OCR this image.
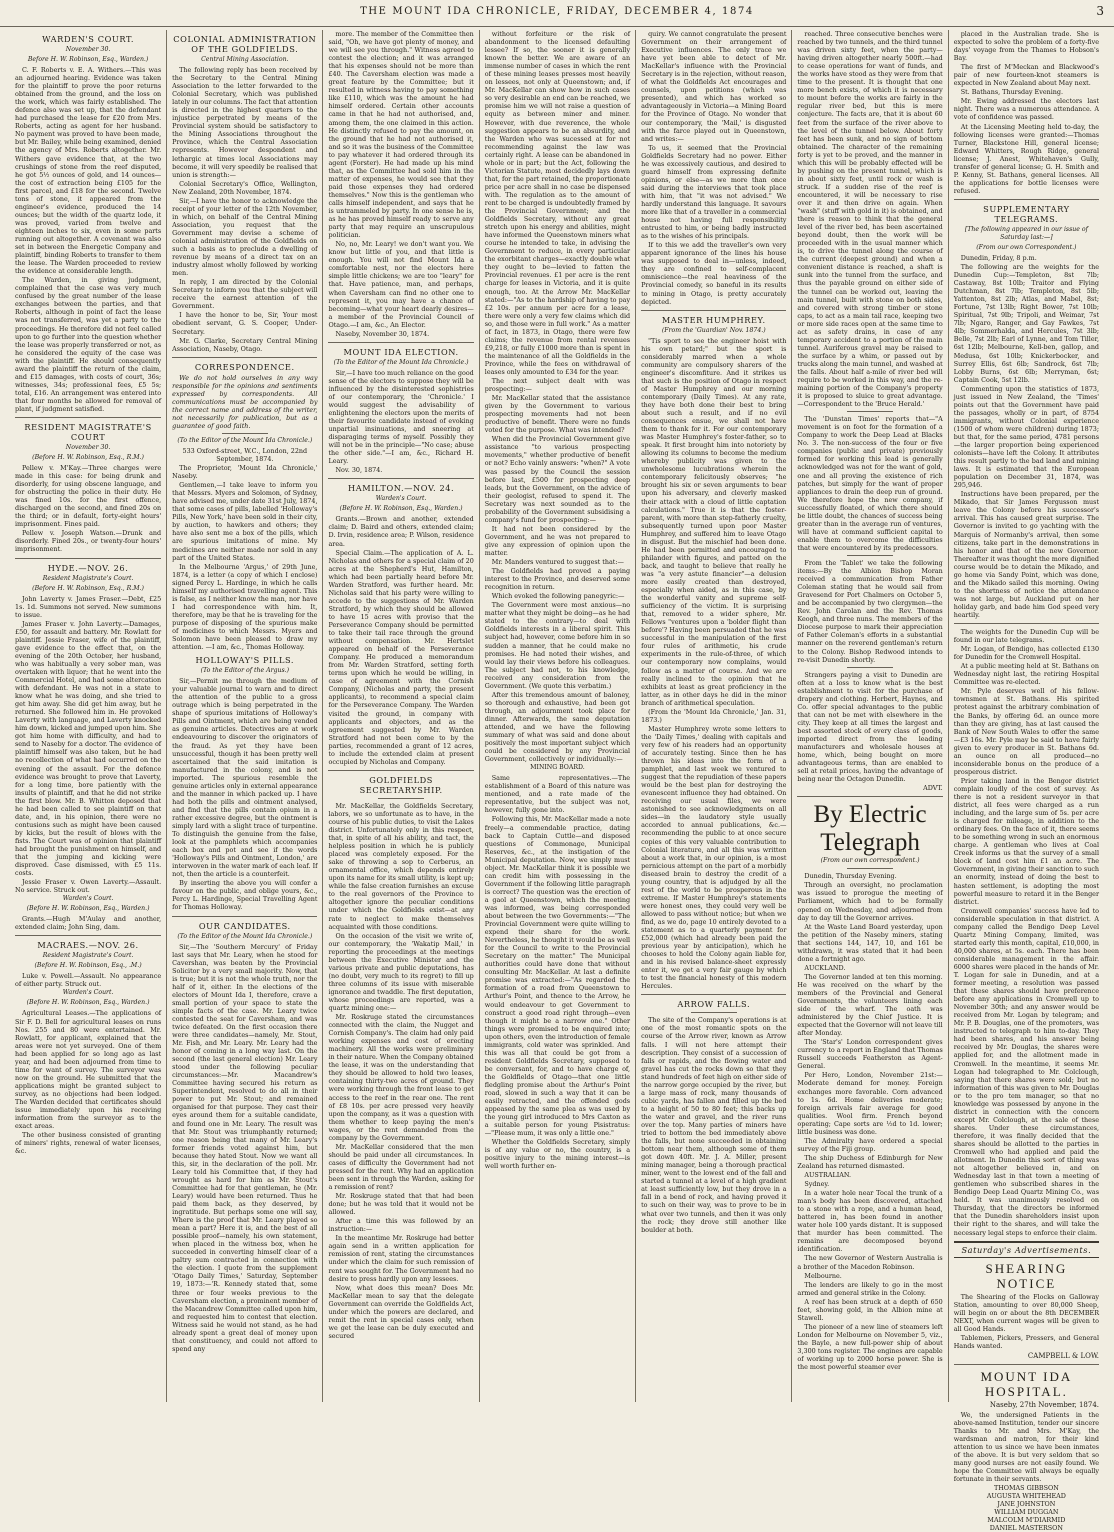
THE MOUNT IDA CHRONICLE, FRIDAY, DECEMBER 4, 1874	3
WARDEN'S COURT.
November 30.
Before H. W. Robinson, Esq., Warden.)

C. F. Roberts v. E. A. Withers.—This was an adjourned hearing. Evidence was taken for the plaintiff to prove the poor returns obtained from the ground, and the loss on the work, which was fairly established. The defence also was set up, that the defendant had purchased the lease for £20 from Mrs. Roberts, acting as agent for her husband. No payment was proved to have been made, but Mr. Bailey, while being examined, denied the agency of Mrs. Roberts altogether. Mr. Withers gave evidence that, at the two crushings of stone from the reef disputed, he got 5½ ounces of gold, and 14 ounces—the cost of extraction being £105 for the first parcel, and £18 for the second. Twelve tons of stone, it appeared from the engineer's evidence, produced the 14 ounces; but the width of the quartz lode, it was proved, varied from twelve and eighteen inches to six, even in some parts running out altogether. A covenant was also set in between the Energetic Company and plaintiff, binding Roberts to transfer to them the lease. The Warden proceeded to review the evidence at considerable length.

The Warden, in giving judgment, complained that the case was very much confused by the great number of the lease exchanges between the parties, and that Roberts, although in point of fact the lease was not transferred, was yet a party to the proceedings. He therefore did not feel called upon to go further into the question whether the lease was properly transferred or not, as he considered the equity of the case was with the plaintiff. He should consequently award the plaintiff the return of the claim, and £15 damages, with costs of court, 36s; witnesses, 34s; professional fees, £5 5s; total, £16. An arrangement was entered into that four months be allowed for removal of plant, if judgment satisfied.

RESIDENT MAGISTRATE'S COURT
November 30.
(Before H. W. Robinson, Esq., R.M.)

Pellew v. M'Kay.—Three charges were made in this case: for being drunk and disorderly, for using obscene language, and for obstructing the police in their duty. He was fined 10s. for the first offence, discharged on the second, and fined 20s on the third; or in default, forty-eight hours' imprisonment. Fines paid.

Pellew v. Joseph Watson.—Drunk and disorderly. Fined 20s., or twenty-four hours' imprisonment.

HYDE.—NOV. 26.
Resident Magistrate's Court.
(Before H. W. Robinson, Esq., R.M.)

John Laverty v. James Fraser.—Debt, £25 1s. 1d. Summons not served. New summons to issue.

James Fraser v. John Laverty.—Damages, £50, for assault and battery. Mr. Rowlatt for plaintiff. Jessie Fraser, wife of the plaintiff, gave evidence to the effect that, on the evening of the 20th October, her husband, who was habitually a very sober man, was overtaken with liquor; that he went into the Commercial Hotel, and had some altercation with defendant. He was not in a state to know what he was doing, and she tried to get him away. She did get him away, but he returned. She followed him in. He provoked Laverty with language, and Laverty knocked him down, kicked and jumped upon him. She got him home with difficulty, and had to send to Naseby for a doctor. The evidence of plaintiff himself was also taken, but he had no recollection of what had occurred on the evening of the assault. For the defence evidence was brought to prove that Laverty, for a long time, bore patiently with the insults of plaintiff, and that he did not strike the first blow. Mr. B. Whitton deposed that he had been called to see plaintiff on that date, and, in his opinion, there were no contusions such as might have been caused by kicks, but the result of blows with the fists. The Court was of opinion that plaintiff had brought the punishment on himself, and that the jumping and kicking were disproved. Case dismissed, with £5 11s. costs.

Jessie Fraser v. Owen Laverty.—Assault. No service. Struck out.

Warden's Court.
(Before H. W. Robinson, Esq., Warden.)

Grants.—Hugh M'Aulay and another, extended claim; John Sing, dam.

MACRAES.—NOV. 26.
Resident Magistrate's Court.
(Before H. W. Robinson, Esq., .M.)

Luke v. Powell.—Assault. No appearance of either party. Struck out.

Warden's Court.
(Before H. W. Robinson, Esq., Warden.)

Agricultural Leases.—The applications of Sir F. D. Bell for agricultural leases on runs Nos. 255 and 80 were entertained. Mr. Rowlatt, for applicant, explained that the areas were not yet surveyed. One of them had been applied for so long ago as last year, and had been adjourned from time to time for want of survey. The surveyor was now on the ground. He submitted that the applications might be granted subject to survey, as no objections had been lodged. The Warden decided that certificates should issue immediately upon his receiving information from the surveyor as to the exact areas.

The other business consisted of granting of miners' rights, renewal of water licenses, &c.

COLONIAL ADMINISTRATION OF THE GOLDFIELDS.
Central Mining Association.

The following reply has been received by the Secretary to the Central Mining Association to the letter forwarded to the Colonial Secretary, which was published lately in our columns. The fact that attention is directed in the highest quarters to the injustice perpetrated by means of the Provincial system should be satisfactory to the Mining Associations throughout the Province, which the Central Association represents. However despondent and lethargic at times local Associations may become, it will very speedily be realised that union is strength:—

Colonial Secretary's Office, Wellington, New Zealand, 20th November, 1874.

Sir,—I have the honor to acknowledge the receipt of your letter of the 12th November, in which, on behalf of the Central Mining Association, you request that the Government may devise a scheme of colonial administration of the Goldfields on such a basis as to preclude a dwelling of revenue by means of a direct tax on an industry almost wholly followed by working men.

In reply, I am directed by the Colonial Secretary to inform you that the subject will receive the earnest attention of the Government.

I have the honor to be, Sir, Your most obedient servant, G. S. Cooper, Under-Secretary.

Mr. G. Clarke, Secretary Central Mining Association, Naseby, Otago.

CORRESPONDENCE.

We do not hold ourselves in any way responsible for the opinions and sentiments expressed by correspondents. All communications must be accompanied by the correct name and address of the writer, not necessarily for publication, but as a guarantee of good faith.

(To the Editor of the Mount Ida Chronicle.)

533 Oxford-street, W.C., London, 22nd September, 1874.

The Proprietor, 'Mount Ida Chronicle,' Naseby.

Gentlemen,—I take leave to inform you that Messrs. Myers and Solomon, of Sydney, have advised me, under date 31st July, 1874, that some cases of pills, labelled 'Holloway's Pills, New York,' have been sold in their city, by auction, to hawkers and others; they have also sent me a box of the pills, which are spurious imitations of mine. My medicines are neither made nor sold in any part of the United States.

In the Melbourne 'Argus,' of 29th June, 1874, is a letter (a copy of which I enclose) signed Percy L. Hardinge, in which he calls himself my authorised travelling agent. This is false, as I neither know the man, nor have I had correspondence with him. It, therefore, may be that he is traveling for the purpose of disposing of the spurious make of medicines to which Messrs. Myers and Solomon have been pleased to draw my attention. —I am, &c., Thomas Holloway.

HOLLOWAY'S PILLS.
(To the Editor of the Argus.)

Sir,—Permit me through the medium of your valuable journal to warn and to direct the attention of the public to a gross outrage which is being perpetrated in the shape of spurious imitations of Holloway's Pills and Ointment, which are being vended as genuine articles. Detectives are at work endeavouring to discover the originators of the fraud. As yet they have been unsuccessful, though it has been pretty well ascertained that the said imitation is manufactured in the colony, and is not imported. The spurious resemble the genuine articles only in external appearance and the manner in which packed up. I have had both the pills and ointment analysed, and find that the pills contain opium in a rather excessive degree, but the ointment is simply lard with a slight trace of turpentine. To distinguish the genuine from the false, look at the pamphlets which accompanies each box and pot and see if the words 'Holloway's Pills and Ointment, London,' are interwoven in the water mark of each leaf. If not, then the article is a counterfeit.

By inserting the above you will confer a favour on the public, and oblige yours, &c., Percy L. Hardinge, Special Travelling Agent for Thomas Holloway.

OUR CANDIDATES.
(To the Editor of the Mount Ida Chronicle.)

Sir,—The 'Southern Mercury' of Friday last says that Mr. Leary, when he stood for Cavershan, was beaten by the Provincial Solicitor by a very small majority. Now, that is true; but it is not the whole truth, nor the half of it, either. In the elections of the electors of Mount Ida I, therefore, crave a small portion of your space to state the simple facts of the case. Mr. Leary twice contested the seat for Caversham, and was twice defeated. On the first occasion there were three candidates—namely, Mr. Stout, Mr. Fish, and Mr. Leary. Mr. Leary had the honor of coming in a long way last. On the second (the last general election) Mr. Leary stood under the following peculiar circumstances:—Mr. Macandrew's Committee having secured his return as Superintendent, resolved to do all in their power to put Mr. Stout; and remained organised for that purpose. They cast their eyes around them for a suitable candidate, and found one in Mr. Leary. The result was that Mr. Stout was triumphantly returned; one reason being that many of Mr. Leary's former friends voted against him, but because they hated Stout. Now we want all this, sir, in the declaration of the poll. Mr. Leary told his Committee that, if they had wrought as hard for him as Mr. Stout's Committee had for that gentleman, he (Mr. Leary) would have been returned. Thus he paid them back, as they deserved, by ingratitude. But perhaps some one will say, Where is the proof that Mr. Leary played so mean a part? Here it is, and the best of all possible proof—namely, his own statement, when placed in the witness box, when he succeeded in converting himself clear of a paltry sum contracted in connection with the election. I quote from the supplement 'Otago Daily Times,' Saturday, September 19, 1873:—'R. Kennedy stated that, some three or four weeks previous to the Caversham election, a prominent member of the Macandrew Committee called upon him, and requested him to contest that election. Witness said he would not stand, as he had already spent a great deal of money upon that constituency, and could not afford to spend any

more. The member of the Committee then said, "Oh, we have got plenty of money, and we will see you through." Witness agreed to contest the election; and it was arranged that his expenses should not be more than £40. The Caversham election was made a great feature by the Committee; but it resulted in witness having to pay something like £110, which was the amount he had himself ordered. Certain other accounts came in that he had not authorised, and, among them, the one claimed in this action. He distinctly refused to pay the amount, on the ground that he had not authorised it, and so it was the business of the Committee to pay whatever it had ordered through its agent (Forster). He had made up his mind that, as the Committee had sold him in the matter of expenses, he would see that they paid those expenses they had ordered themselves." Now this is the gentleman who calls himself independent, and says that he is untrammeled by party. In one sense he is, as he has proved himself ready to serve any party that may require an unscrupulous politician.

No, no, Mr. Leary! we don't want you. We know but little of you, and that little is enough. You will not find Mount Ida a comfortable nest, nor the electors here simple little chickens; we are too "leary" for that. Have patience, man, and perhaps, when Caversham can find no other one to represent it, you may have a chance of becoming—what your heart dearly desires—a member of the Provincial Council of Otago.—I am, &c., An Elector.

Naseby, November 30, 1874.

MOUNT IDA ELECTION.
(To the Editor of the Mount Ida Chronicle.)

Sir,—I have too much reliance on the good sense of the electors to suppose they will be influenced by the disinterested sophistries of our contemporary, the 'Chronicle.' I would suggest the advisability of enlightening the electors upon the merits of their favourite candidate instead of evoking unpartial insinuations, and sneering at disparaging terms of myself. Possibly they will not be in the principle—"No case; abuse the other side."—I am, &c., Richard H. Leary.

Nov. 30, 1874.

HAMILTON.—NOV. 24.
Warden's Court.
(Before H. W. Robinson, Esq., Warden.)

Grants.—Brown and another, extended claim; D. Baird and others, extended claim; D. Irvin, residence area; P. Wilson, residence area.

Special Claim.—The application of A. L. Nicholas and others for a special claim of 20 acres at the Shepherd's Hut, Hamilton, which had been partially heard before Mr. Warden Stratford, was further heard. Mr. Nicholas said that his party were willing to accede to the suggestions of Mr. Warden Stratford, by which they should be allowed to have 15 acres with proviso that the Perseverance Company should be permitted to take their tail race through the ground without compensation. Mr. Hertslet appeared on behalf of the Perseverance Company. He produced a memorandum from Mr. Warden Stratford, setting forth terms upon which he would be willing, in case of agreement with the Cornish Company, (Nicholas and party, the present applicants), to recommend a special claim for the Perseverance Company. The Warden visited the ground, in company with applicants and objectors, and as the agreement suggested by Mr. Warden Stratford had not been come to by the parties, recommended a grant of 12 acres, to include the extended claim at present occupied by Nicholas and Company.

GOLDFIELDS SECRETARYSHIP.

Mr. MacKellar, the Goldfields Secretary, labors, we so unfortunate as to have, in the course of his public duties, to visit the Lakes district. Unfortunately only in this respect, that, in spite of all his ability, and tact, the helpless position in which he is publicly placed was completely exposed. For the sake of throwing a sop to Cerberus, an ornamental office, which depends entirely upon its name for its small utility, is kept up; while the false creation furnishes an excuse to the real governors of the Province to altogether ignore the peculiar conditions under which the Goldfields exist—at any rate to neglect to make themselves acquainted with those conditions.

On the occasion of the visit we write of, our contemporary, the 'Wakatip Mail,' in reporting the proceedings at the meetings between the Executive Minister and the various private and public deputations, has (no doubt, very much to its regret) to fill up three columns of its issue with miserable ignorance and twaddle. The first deputation, whose proceedings are reported, was a quartz mining one:—

Mr. Roskruge stated the circumstances connected with the claim, the Nugget and Cornish Company's. The claim had only paid working expenses and cost of erecting machinery. All the works were preliminary in their nature. When the Company obtained the lease, it was on the understanding that they should be allowed to hold two leases, containing thirty-two acres of ground. They were working through the front lease to get access to the reef in the rear one. The rent of £8 10s. per acre pressed very heavily upon the company, as it was a question with them whether to keep paying the men's wages, or the rent demanded from the company by the Government.

Mr. MacKellar considered that the men should be paid under all circumstances. In cases of difficulty the Government had not pressed for the rent. Why had an application been sent in through the Warden, asking for a remission of rent?

Mr. Roskruge stated that that had been done; but he was told that it would not be allowed.

After a time this was followed by an instruction:—

In the meantime Mr. Roskruge had better again send in a written application for remission of rent, stating the circumstances under which the claim for such remission of rent was sought for. The Government had no desire to press hardly upon any lessees.

Now, what does this mean? Does Mr. MacKellar mean to say that the delegate Government can override the Goldfields Act, under which the powers are declared, and remit the rent in special cases only, when we get the lease can be duly executed and secured

without forfeiture or the risk of abandonment to the licensed defaulting lessee? If so, the sooner it is generally known the better. We are aware of an immense number of cases in which the rent of these mining leases presses most heavily on lessees, not only at Queenstown; and, if Mr. MacKellar can show how in such cases so very desirable an end can be reached, we promise him we will not raise a question of equity as between miner and miner. However, with due reverence, the whole suggestion appears to be an absurdity, and the Warden who was sucessed at for not recommending against the law was certainly right. A lease can be abandoned in whole or in part; but the Act, following the Victorian Statute, most decidedly lays down that, for the part retained, the proportionate price per acre shall in no case be dispensed with. The regulation as to the amount of rent to be charged is undoubtedly framed by the Provincial Government; and the Goldfields Secretary, without any great stretch upon his energy and abilities, might have informed the Queenstown miners what course he intended to take, in advising the Government to reduce, in every particular the exorbitant charges—exactly double what they ought to be—levied to fatten the Provincial revenues. £1 per acre is the rent charge for leases in Victoria, and it is quite enough, too. At the Arrow Mr. MacKellar stated:—"As to the hardship of having to pay £2 10s. per annum per acre for a lease, there were only a very few claims which did so, and those were in full work." As a matter of fact, in 1873, in Otago, there were few claims; the revenue from rental revenues £9,218, or fully £1000 more than is spent in the maintenance of all the Goldfields in the Province, while the fees on withdrawal of leases only amounted to £34 for the year.

The next subject dealt with was prospecting:—

Mr. MacKellar stated that the assistance given by the Government to various prospecting movements had not been productive of benefit. There were no funds voted for the purpose. What was intended?

When did the Provincial Government give assistance "to various prospecting movements," whether productive of benefit or not? Echo vainly answers: "when?" A vote was passed by the Council the session before last, £500 for prospecting deep leads, but the Government, on the advice of their geologist, refused to spend it. The Secretary was next sounded as to the probability of the Government subsidising a company's fund for prospecting:—

It had not been considered by the Government, and he was not prepared to give any expression of opinion upon the matter.

Mr. Manders ventured to suggest that:—

The Goldfields had proved a paying interest to the Province, and deserved some recognition in return.

Which evoked the following panegyric:—

The Government were most anxious—no matter what they might be doing—as he had stated to the contrary—to deal with Goldfields interests in a liberal spirit. This subject had, however, come before him in so sudden a manner, that he could make no promises. He had noted their wishes, and would lay their views before his colleagues. The subject had not, to his knowledge, received any consideration from the Government. (We quote this verbatim.)

After this tremendous amount of baloney, so thorough and exhaustive, had been got through, an adjournment took place for dinner. Afterwards, the same deputation attended, and we have the following summary of what was said and done about positively the most important subject which could be considered by any Provincial Government, collectively or individually:—

MINING BOARD.

Same representatives.—The establishment of a Board of this nature was mentioned, and a rate made of the representative, but the subject was not, however, fully gone into.

Following this, Mr. MacKellar made a note freely—a commendable practice, dating back to Captain Cuttle—and disposed questions of Commonage, Municipal Reserves, &c., at the instigation of the Municipal deputation. Now, we simply must object. Mr. MacKellar think it is possible we can credit him with possessing in the Government if the following little paragraph is correct? The question was the erection of a gaol at Queenstown, which the meeting was informed, was being corresponded about between the two Governments:—"The Provincial Government were quite willing to expend their share for the work. Nevertheless, he thought it would be as well for the Council to write to the Provincial Secretary on the matter." The Municipal authorities could have done that without consulting Mr. MacKellar. At last a definite promise was extracted:—"As regarded the formation of a road from Queenstown to Arthur's Point, and thence to the Arrow, he would endeavour to get Government to construct a good road right through—even though it might be a narrow one." Other things were promised to be enquired into; upon others, even the introduction of female immigrants, cold water was sprinkled. And this was all that could be got from a resident Goldfields Secretary, supposed to be conversant, for, and to have charge of, the Goldfields of Otago—that one little fledgling promise about the Arthur's Point road, slowed in such a way that it can be easily retracted, and the offended gods appeased by the same plea as was used by the young girl introduced to Mrs Caxton as a suitable person for young Pisistratus:—"Please mum, it was only a little one."

Whether the Goldfields Secretary, simply is of any value or no, the country, is a positive injury to the mining interest—is well worth further en-

quiry. We cannot congratulate the present Government on their arrangement of Executive influences. The only trace we have yet been able to detect of Mr. MacKellar's influence with the Provincial Secretary is in the rejection, without reason, of what the Goldfields Act encourages and counsels, upon petitions (which was presented), and which has worked so advantageously in Victoria—a Mining Board for the Province of Otago. No wonder that our contemporary, the 'Mail,' is disgusted with the farce played out in Queenstown, and writes:—

To us, it seemed that the Provincial Goldfields Secretary had no power. Either he was excessively cautious, and desired to guard himself from expressing definite opinions, or else—as we more than once said during the interviews that took place with him, that "it was not advised." We hardly understand this language. It savours more like that of a traveller in a commercial house not having full responsibility entrusted to him, or being badly instructed as to the wishes of his principals.

If to this we add the traveller's own very apparent ignorance of the lines his house was supposed to deal in—unless, indeed, they are confined to self-complacent omniscience—the real heaviness of the Provincial comedy, so baneful in its results to mining in Otago, is pretty accurately depicted.

MASTER HUMPHREY.
(From the 'Guardian' Nov. 1874.)

"Tis sport to see the engineer hoist with his own petard;" but the sport is considerably marred when a whole community are compulsory sharers of the engineer's discomfiture. And it strikes us that such is the position of Otago in respect of Master Humphrey and our morning contemporary (Daily Times). At any rate, they have both done their best to bring about such a result, and if no evil consequences ensue, we shall not have them to thank for it. For our contemporary was Master Humphrey's foster-father, so to speak. It first brought him into notoriety by allowing its columns to become the medium whereby publicity was given to the unwholesome lucubrations wherein the contemporary felicitously observes; "he brought his six or seven arguments to bear upon his adversary, and cleverly masked their attack with a cloud of little captation calculations." True it is that the foster-parent, with more than step-fatherly cruelty, subsequently turned upon poor Master Humphrey, and suffered him to leave Otago in disgust. But the mischief had been done. He had been permitted and encouraged to philander with figures, and patted on the back, and taught to believe that really he was "a very astute financier"—a delusion more easily created than destroyed, especially when aided, as in this case, by the wonderful vanity and supreme self-sufficiency of the victim. It is surprising that, removed to a wider sphere, Mr. Fellows "ventures upon a 'bolder flight than before'? Having been persuaded that he was successful in the manipulation of the first four rules of arithmetic, his crude experiments in the rule-of-three, of which our contemporary now complains, would follow as a matter of course. And we are really inclined to the opinion that he exhibits at least as great proficiency in the latter, as in other days he did in the minor branch of arithmetical speculation.

(From the 'Mount Ida Chronicle,' Jan. 31, 1873.)

Master Humphrey wrote some letters to the 'Daily Times,' dealing with capitals and very few of his readers had an opportunity of accurately testing. Since then he has thrown his ideas into the form of a pamphlet, and last week we ventured to suggest that the repudiation of these papers would be the best plan for destroying the evanescent influence they had obtained. On receiving our usual files, we were astonished to see acknowledgments on all sides—in the laudatory style usually accorded to annual publications, &c.—recommending the public to at once secure copies of this very valuable contribution to Colonial literature, and all this was written about a work that, in our opinion, is a most pernicious attempt on the part of a morbidly diseased brain to destroy the credit of a young country, that is adjudged by all the rest of the world to be prosperous in the extreme. If Master Humphrey's statements were honest ones, they could very well be allowed to pass without notice; but when we find, as we do, page 10 entirely devoted to a statement as to a quarterly payment for £52,000 (which had already been paid the previous year by anticipation), which he chooses to hold the Colony again liable for, and in his revised balance-sheet expressly enter it, we get a very fair gauge by which to test the financial honesty of this modern Hercules.

ARROW FALLS.

The site of the Company's operations is at one of the most romantic spots on the course of the Arrow river, known as Arrow falls. I will not here attempt their description. They consist of a succession of falls or rapids, and the flowing water and gravel has cut the rocks down so that they stand hundreds of feet high on either side of the narrow gorge occupied by the river, but a large mass of rock, many thousands of cubic yards, has fallen and filled up the bed to a height of 50 to 80 feet; this backs up the water and gravel, and the river runs over the top. Many parties of miners have tried to bottom the bed immediately above the falls, but none succeeded in obtaining bottom near them, although some of them got down 40ft. Mr. J. A. Miller, present mining manager, being a thorough practical miner, went to the lowest end of the fall and started a tunnel at a level of a high gradient at least sufficiently low, but they drove in a fall in a bend of rock, and having proved it to such on their way, was to prove to be in what over two tunnels, and then it was only the rock; they drove still another like boulder at both.

reached. Three consecutive benches were reached by two tunnels, and the third tunnel was driven sixty feet, when the party—having driven altogether nearly 500ft.—had to cease operations for want of funds, and the works have stood as they were from that time to the present. It is thought that one more bench exists, of which it is necessary to mount before the works are fairly in the regular river bed, but this is mere conjecture. The facts are, that it is about 60 feet from the surface of the river above to the level of the tunnel below. About forty feet has been sunk, and no sign of bottom obtained. The character of the remaining forty is yet to be proved, and the manner in which this will be probably effected will be by pushing on the present tunnel, which is in about sixty feet, until rock or wash is struck. If a sudden rise of the reef is encountered, it will be necessary to rise over it and then drive on again. When "wash" (stuff with gold in it) is obtained, and there is reason to think that the general level of the river bed, has been ascertained beyond doubt, then the work will be proceeded with in the usual manner which is, to drive the tunnel along the course of the current (deepest ground) and when a convenient distance is reached, a shaft is sunk into the tunnel from the surface, and thus the payable ground on either side of the tunnel can be worked out, leaving the main tunnel, built with stone on both sides, and covered with strong timber or stone caps, to act as a main tail race, keeping two or more side races open at the same time to act as safety drains, in case of any temporary accident to a portion of the main tunnel. Auriferous gravel may be raised to the surface by a whim, or passed out by trucks along the main tunnel, and washed at the falls. About half a-mile of river bed will require to be worked in this way, and the re-maining portion of the Company's property it is proposed to sluice to great advantage.—Correspondent to the 'Bruce Herald.'

The 'Dunstan Times' reports that—"A movement is on foot for the formation of a Company to work the Deep Lead at Blacks No. 3. The non-success of the four or five companies (public and private) previously formed for working this lead is generally acknowledged was not for the want of gold, one and all proving the existence of rich patches, but simply for the want of proper appliances to drain the deep run of ground. We therefore hope the new company, if successfully floated, of which there should be little doubt, the chances of success being greater than in the average run of ventures, will have at command sufficient capital to enable them to overcome the difficulties that were encountered by its predecessors.

From the 'Tablet' we take the following items:—By the Albion Bishop Moran received a communication from Father Coleman stating that he would sail from Gravesend for Port Chalmers on October 5, and be accompanied by two clergymen—the Rev. John Carolan and the Rev. Thomas Keogh, and three nuns. The members of the Diocese purpose to mark their appreciation of Father Coleman's efforts in a substantial manner on the reverend gentleman's return to the Colony. Bishop Redwood intends to re-visit Dunedin shortly.

Strangers paying a visit to Dunedin are often at a loss to know what is the best establishment to visit for the purchase of drapery and clothing. Herbert, Haynes, and Co. offer special advantages to the public that can not be met with elsewhere in the city. They keep at all times the largest and best assorted stock of every class of goods, imported direct from the leading manufacturers and wholesale houses at home, which, being bought on more advantageous terms, than are enabled to sell at retail prices, having the advantage of being near the Octagon Dunedin.

ADVT.

By Electric Telegraph
(From our own correspondent.)

Dunedin, Thursday Evening.

Through an oversight, no proclamation was issued to prorogue the meeting of Parliament, which had to be formally opened on Wednesday, and adjourned from day to day till the Governor arrives.

At the Waste Land Board yesterday, upon the petition of the Naseby miners, stating that sections 144, 147, 10, and 161 be withdrawn, it was stated that it had been done a fortnight ago.

AUCKLAND.

The Governor landed at ten this morning. He was received on the wharf by the members of the Provincial and General Governments, the volunteers lining each side of the wharf. The oath was administered by the Chief Justice. It is expected that the Governor will not leave till after Monday.

The 'Star's' London correspondent gives currency to a report in England that Thomas Russell succeeds Featherston as Agent-General.

Per Hero, London, November 21st:—Moderate demand for money. Foreign exchanges more favorable. Corn advanced to 1s. 6d. Home deliveries moderate; foreign arrivals fair average for good qualities. Wool firm. French beyond operating; Cape sorts are ½d to 1d. lower; little business was done.

The Admiralty have ordered a special survey of the Fiji group.

The ship Duchess of Edinburgh for New Zealand has returned dismasted.

AUSTRALIAN.

Sydney.

In a water hole near Tocal the trunk of a man's body has been discovered, attached to a stone with a rope, and a human head, battered in, has been found in another water hole 100 yards distant. It is supposed that murder has been committed. The remains are decomposed beyond identification.

The new Governor of Western Australia is a brother of the Macedon Robinson.

Melbourne.

The lenders are likely to go in the most armed and general strike in the Colony.

A reef has been struck at a depth of 650 feet, showing gold, in the Albion mine at Stawell.

The pioneer of a new line of steamers left London for Melbourne on November 5, viz., the Bayle, a new full-power ship of about 3,300 tons register. The engines are capable of working up to 2000 horse power. She is the most powerful steamer ever

placed in the Australian trade. She is expected to solve the problem of a forty-five days' voyage from the Thames to Hobson's Bay.

The first of M'Meckan and Blackwood's pair of new fourteen-knot steamers is expected in New Zealand about May next.

St. Bathans, Thursday Evening.

Mr. Ewing addressed the electors last night. There was a numerous attendance. A vote of confidence was passed.

At the Licensing Meeting held to-day, the following licenses were granted:—Thomas Turner, Blackstone Hill, general license; Edward Whitters, Rough Ridge, general license; J. Anest, Whitehaven's Gully, transfer of general license; G. H. Smith and P. Kenny, St. Bathans, general licenses. All the applications for bottle licenses were refused.

SUPPLEMENTARY TELEGRAMS.
[The following appeared in our issue of Saturday last:—]
(From our own Correspondent.)

Dunedin, Friday, 8 p.m.

The following are the weights for the Dunedin Cup:—Templeton, 8st 7lb; Castaway, 8st 10lb; Traitor and Flying Dutchman, 8st 7lb; Templeton, 8st 5lb; Yattenton, 8st 2lb; Atlas, and Mabel, 8st; Fortune, 7st 13lb; Right Bower, 7st 10lb; Spiritual, 7st 9lb; Tripoli, and Weimar, 7st 7lb; Ngaro, Ranger, and Gay Fawkes, 7st 4lb; Sommerhalda, and Hercules, 7st 3lb; Belle, 7st 2lb; Earl of Lynne, and Tom Tiller, 6st 12lb; Melbourne, Kell-ben, gallop, and Medusa, 6st 10lb; Knickerbocker, and Surrey Ellis, 6st 6lb; Sandrock, 6st 7lb; Lobby Burns, 6st 6lb; Merryman, 6st; Captain Cook, 5st 12lb.

Commenting upon the statistics of 1873, just issued in New Zealand, the 'Times' points out that the Government have paid the passages, wholly or in part, of 8754 immigrants, without Colonial experience (1500 of whom were children) during 1873; but that, for the same period, 4781 persons—the larger proportion being experienced colonists—have left the Colony. It attributes this result partly to the bad land and mining laws. It is estimated that the European population on December 31, 1874, was 295,946.

Instructions have been prepared, per the Mikado, that Sir James Fergusson must leave the Colony before his successor's arrival. This has caused great surprise. The Governor is invited to go yachting with the Marquis of Normanby's arrival, then some citizens, take part in the demonstrations in his honor and that of the new Governor. Thereafter it was thought the more dignified course would be to detain the Mikado, and go home via Sandy Point, which was done, and the Mikado sailed this morning. Owing to the shortness of notice the attendance was not large, but Auckland put on her holiday garb, and bade him God speed very heartily.

The weights for the Dunedin Cup will be found in our late telegrams.

Mr. Logan, of Bendigo, has collected £130 for Dunedin for the Cromwell Hospital.

At a public meeting held at St. Bathans on Wednesday night last, the retiring Hospital Committee was re-elected.

Mr. Pyle deserves well of his fellow-townsmen at St. Bathans. His spirited protest against the arbitrary combination of the Banks, by offering 6d. an ounce more than they are giving, has at last caused the Bank of New South Wales to offer the same—£3 16s. Mr. Pyle may be said to have fairly given to every producer in St. Bathans 6d. an ounce on all produced—no inconsiderable bonus on the produce of a prosperous district.

Prior taking land in the Bengor district complain loudly of the cost of survey. As there is not a resident surveyor in that district, all fees were charged as a run including, and the large sum of 5s. per acre is charged for mileage, in addition to the ordinary fees. On the face of it, there seems to be something wrong in such an enormous charge. A gentleman who lives at Coal Creek informs us that the survey of a small block of land cost him £1 an acre. The Government, in giving their sanction to such an enormity, instead of doing the best to hasten settlement, is adopting the most powerful measure to retard it in the Benger district.

Cromwell companies' success have led to considerable speculation in that district. A company called the Bendigo Deep Level Quartz Mining Company, limited, was started early this month, capital, £10,000, in 40,000 shares, at 5s. each. There has been considerable management in the affair. 6000 shares were placed in the hands of Mr. T. Logan for sale in Dunedin, and at a former meeting, a resolution was passed that these shares should have preference before any applications in Cromwell up to November 30th; and any answer would be received from Mr. Logan by telegram; and Mr. P. B. Douglas, one of the promoters, was instructed to telegraph to him to-day. They had been shares, and his answer being received by Mr. Douglas, the shares were applied for, and the allotment made in Cromwell. In the meantime, it seems Mr. Logan had telegraphed to Mr. Colclough, saying that there shares were sold; but no information of this was given to Mr. Douglas or to the pro tem manager, so that no knowledge was possessed by anyone in the district in connection with the concern except Mr. Colclough, at the sale of these shares. Under these circumstances, therefore, it was finally decided that the shares should be allotted to the parties in Cromwell who had applied and paid the allotment. In Dunedin this sort of thing was not altogether believed in, and on Wednesday last in that town a meeting of gentlemen who subscribed shares in the Bendigo Deep Lead Quartz Mining Co., was held. It was unanimously resolved on Thursday, that the directors be informed that the Dunedin shareholders insist upon their right to the shares, and will take the necessary legal steps to enforce their claim.

Saturday's Advertisements.
SHEARING NOTICE

The Shearing of the Flocks on Galloway Station, amounting to over 80,000 Sheep, will begin on or about the 8th DECEMBER NEXT, when current wages will be given to all Good Hands.

Tablemen, Pickers, Pressers, and General Hands wanted.

CAMPBELL & LOW.
MOUNT IDA HOSPITAL.
Naseby, 27th November, 1874.

We, the undersigned Patients in the above-named Institution, tender our sincere Thanks to Mr. and Mrs. M'Kay, the wardsman and matron, for their kind attention to us since we have been inmates of the above. It is but very seldom that so many good nurses are not easily found. We hope the Committee will always be equally fortunate in their servants.

THOMAS GIBBSON
AUGUSTA WHITEHEAD
JANE JOHNSTON
WILLIAM DUGGAN
MALCOLM M'DIARMID
DANIEL MASTERSON
